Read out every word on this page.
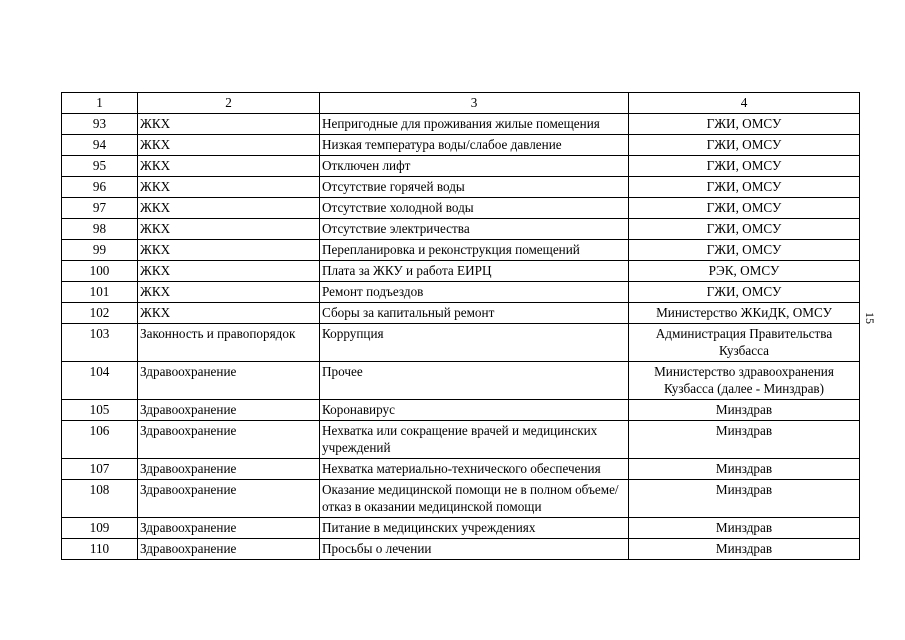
1	2	3	4
93	ЖКХ	Непригодные для проживания жилые помещения	ГЖИ, ОМСУ
94	ЖКХ	Низкая температура воды/слабое давление	ГЖИ, ОМСУ
95	ЖКХ	Отключен лифт	ГЖИ, ОМСУ
96	ЖКХ	Отсутствие горячей воды	ГЖИ, ОМСУ
97	ЖКХ	Отсутствие холодной воды	ГЖИ, ОМСУ
98	ЖКХ	Отсутствие электричества	ГЖИ, ОМСУ
99	ЖКХ	Перепланировка и реконструкция помещений	ГЖИ, ОМСУ
100	ЖКХ	Плата за ЖКУ и работа ЕИРЦ	РЭК, ОМСУ
101	ЖКХ	Ремонт подъездов	ГЖИ, ОМСУ
102	ЖКХ	Сборы за капитальный ремонт	Министерство ЖКиДК, ОМСУ
103	Законность и правопорядок	Коррупция	Администрация Правительства Кузбасса
104	Здравоохранение	Прочее	Министерство здравоохранения Кузбасса (далее - Минздрав)
105	Здравоохранение	Коронавирус	Минздрав
106	Здравоохранение	Нехватка или сокращение врачей и медицинских учреждений	Минздрав
107	Здравоохранение	Нехватка материально-технического обеспечения	Минздрав
108	Здравоохранение	Оказание медицинской помощи не в полном объеме/отказ в оказании медицинской помощи	Минздрав
109	Здравоохранение	Питание в медицинских учреждениях	Минздрав
110	Здравоохранение	Просьбы о лечении	Минздрав
15
